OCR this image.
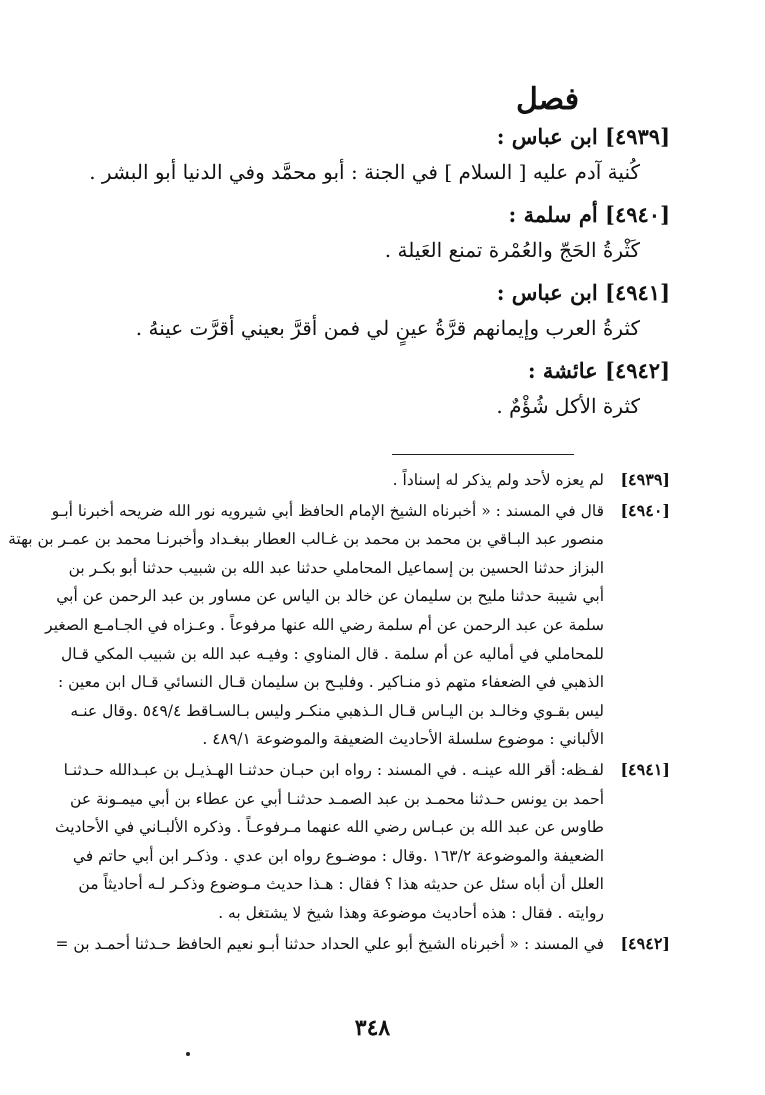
فصل
[٤٩٣٩] ابن عباس :
كُنية آدم عليه [ السلام ] في الجنة : أبو محمَّد وفي الدنيا أبو البشر .
[٤٩٤٠] أم سلمة :
كَثْرةُ الحَجّ والعُمْرة تمنع العَيلة .
[٤٩٤١] ابن عباس :
كثرةُ العرب وإيمانهم قرَّةُ عينٍ لي فمن أقرَّ بعيني أقرَّت عينهُ .
[٤٩٤٢] عائشة :
كثرة الأكل شُؤْمٌ .
[٤٩٣٩]
لم يعزه لأحد ولم يذكر له إسناداً .
[٤٩٤٠]
قال في المسند : « أخبرناه الشيخ الإمام الحافظ أبي شيرويه نور الله ضريحه أخبرنا أبـو
منصور عبد البـاقي بن محمد بن محمد بن غـالب العطار ببغـداد وأخبرنـا محمد بن عمـر بن بهتة
البزاز حدثنا الحسين بن إسماعيل المحاملي حدثنا عبد الله بن شبيب حدثنا أبو بكـر بن
أبي شيبة حدثنا مليح بن سليمان عن خالد بن الياس عن مساور بن عبد الرحمن عن أبي
سلمة عن عبد الرحمن عن أم سلمة رضي الله عنها مرفوعاً . وعـزاه في الجـامـع الصغير
للمحاملي في أماليه عن أم سلمة . قال المناوي : وفيـه عبد الله بن شبيب المكي قـال
الذهبي في الضعفاء متهم ذو منـاكير . وفليـح بن سليمان قـال النسائي قـال ابن معين :
ليس بقـوي وخالـد بن اليـاس قـال الـذهبي منكـر وليس بـالسـاقط ٥٤٩/٤ .وقال عنـه
الألباني : موضوع سلسلة الأحاديث الضعيفة والموضوعة ٤٨٩/١ .
[٤٩٤١]
لفـظه: أقر الله عينـه . في المسند : رواه ابن حبـان حدثنـا الهـذيـل بن عبـدالله حـدثنـا
أحمد بن يونس حـدثنا محمـد بن عبد الصمـد حدثنـا أبي عن عطاء بن أبي ميمـونة عن
طاوس عن عبد الله بن عبـاس رضي الله عنهما مـرفوعـاً . وذكره الألبـاني في الأحاديث
الضعيفة والموضوعة ١٦٣/٢ .وقال : موضـوع رواه ابن عدي . وذكـر ابن أبي حاتم في
العلل أن أباه سئل عن حديثه هذا ؟ فقال : هـذا حديث مـوضوع وذكـر لـه أحاديثاً من
روايته . فقال : هذه أحاديث موضوعة وهذا شيخ لا يشتغل به .
[٤٩٤٢]
في المسند : « أخبرناه الشيخ أبو علي الحداد حدثنا أبـو نعيم الحافظ حـدثنا أحمـد بن =
٣٤٨
